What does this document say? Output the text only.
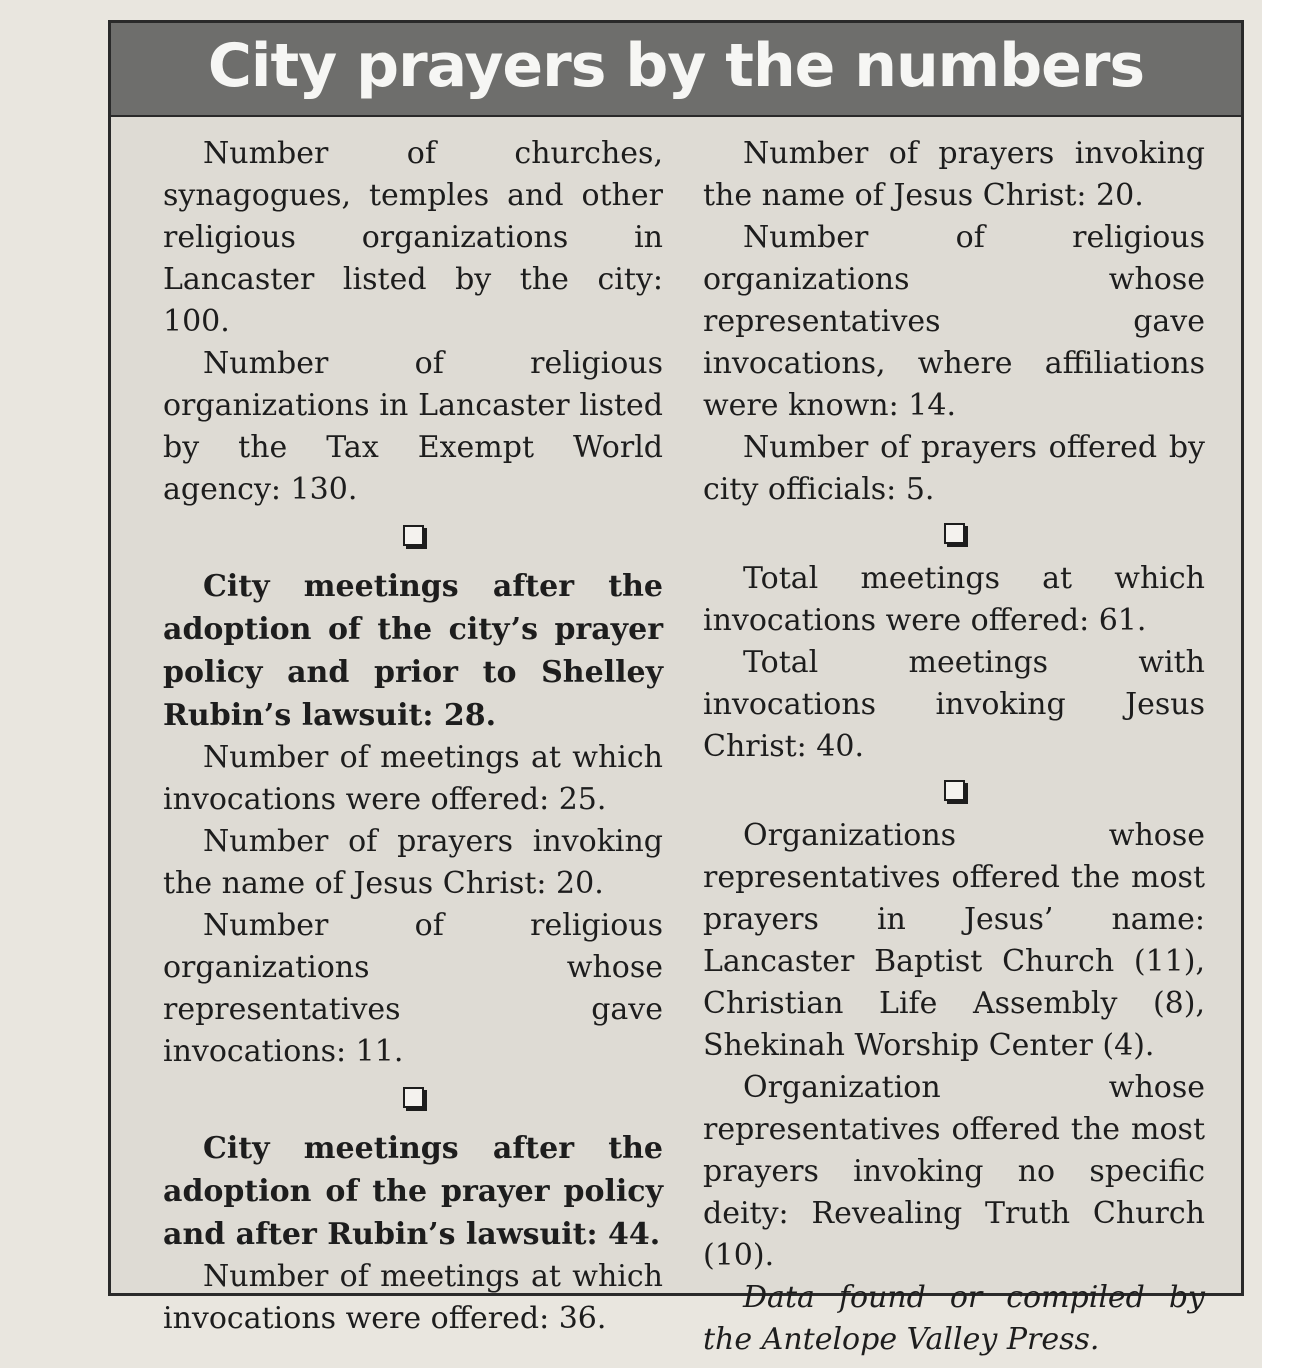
City prayers by the numbers

Number of churches, synagogues, temples and other religious organizations in Lancaster listed by the city: 100.

Number of religious organizations in Lancaster listed by the Tax Exempt World agency: 130.

City meetings after the adoption of the city’s prayer policy and prior to Shelley Rubin’s lawsuit: 28.

Number of meetings at which invocations were offered: 25.

Number of prayers invoking the name of Jesus Christ: 20.

Number of religious organizations whose representatives gave invocations: 11.

City meetings after the adoption of the prayer policy and after Rubin’s lawsuit: 44.

Number of meetings at which invocations were offered: 36.

Number of prayers invoking the name of Jesus Christ: 20.

Number of religious organizations whose representatives gave invocations, where affiliations were known: 14.

Number of prayers offered by city officials: 5.

Total meetings at which invocations were offered: 61.

Total meetings with invocations invoking Jesus Christ: 40.

Organizations whose representatives offered the most prayers in Jesus’ name: Lancaster Baptist Church (11), Christian Life Assembly (8), Shekinah Worship Center (4).

Organization whose representatives offered the most prayers invoking no specific deity: Revealing Truth Church (10).

Data found or compiled by the Antelope Valley Press.
